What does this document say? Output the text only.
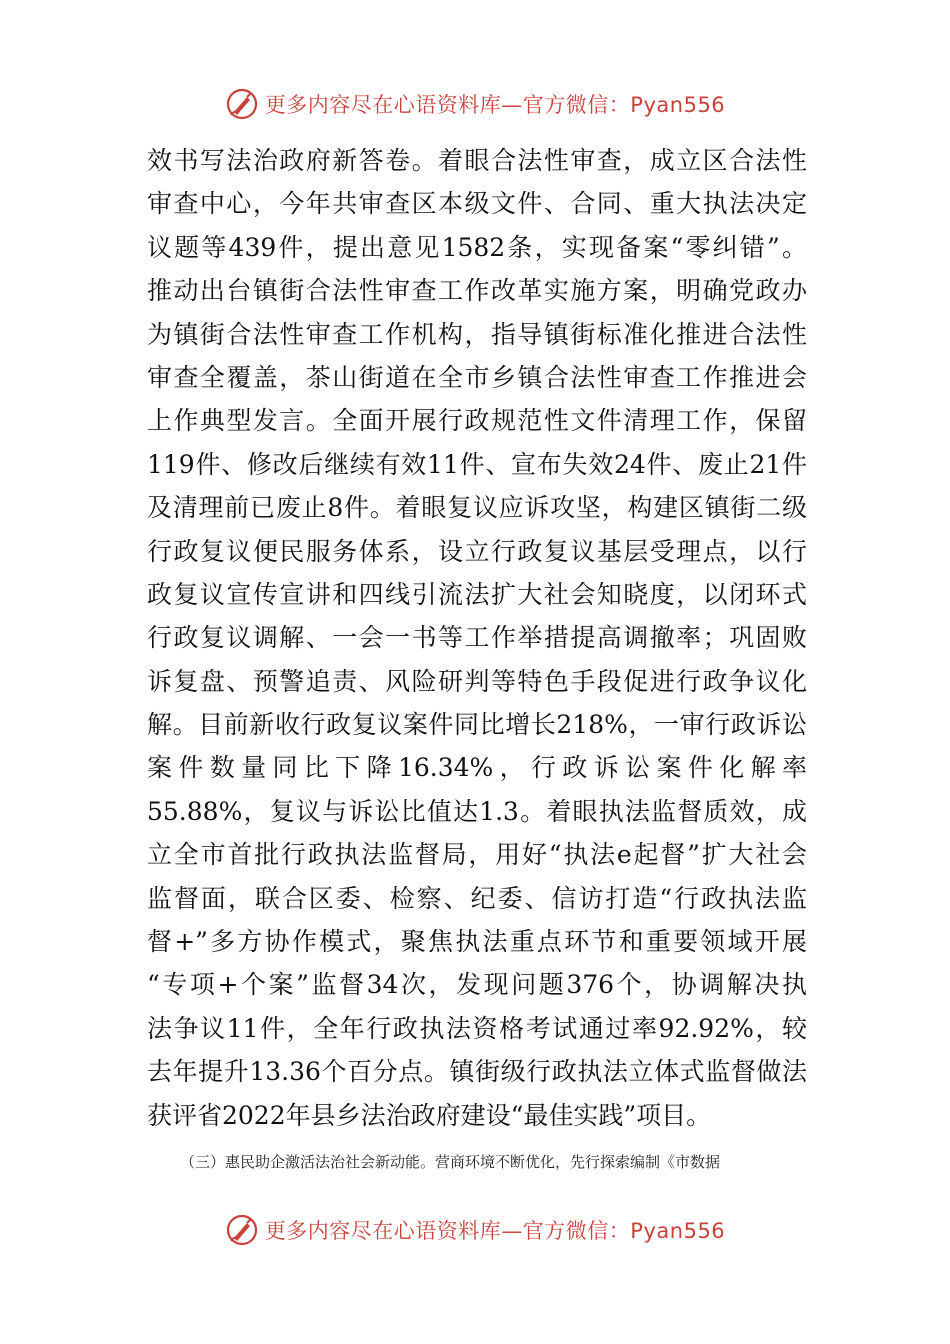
更多内容尽在心语资料库—官方微信：Pyan556
效书写法治政府新答卷。着眼合法性审查，成立区合法性
审查中心，今年共审查区本级文件、合同、重大执法决定
议题等439件，提出意见1582条，实现备案“零纠错”。
推动出台镇街合法性审查工作改革实施方案，明确党政办
为镇街合法性审查工作机构，指导镇街标准化推进合法性
审查全覆盖，茶山街道在全市乡镇合法性审查工作推进会
上作典型发言。全面开展行政规范性文件清理工作，保留
119件、修改后继续有效11件、宣布失效24件、废止21件
及清理前已废止8件。着眼复议应诉攻坚，构建区镇街二级
行政复议便民服务体系，设立行政复议基层受理点，以行
政复议宣传宣讲和四线引流法扩大社会知晓度，以闭环式
行政复议调解、一会一书等工作举措提高调撤率；巩固败
诉复盘、预警追责、风险研判等特色手段促进行政争议化
解。目前新收行政复议案件同比增长218%，一审行政诉讼
案件数量同比下降16.34%，行政诉讼案件化解率
55.88%，复议与诉讼比值达1.3。着眼执法监督质效，成
立全市首批行政执法监督局，用好“执法e起督”扩大社会
监督面，联合区委、检察、纪委、信访打造“行政执法监
督+”多方协作模式，聚焦执法重点环节和重要领域开展
“专项+个案”监督34次，发现问题376个，协调解决执
法争议11件，全年行政执法资格考试通过率92.92%，较
去年提升13.36个百分点。镇街级行政执法立体式监督做法
获评省2022年县乡法治政府建设“最佳实践”项目。
（三）惠民助企激活法治社会新动能。营商环境不断优化，先行探索编制《市数据
更多内容尽在心语资料库—官方微信：Pyan556
